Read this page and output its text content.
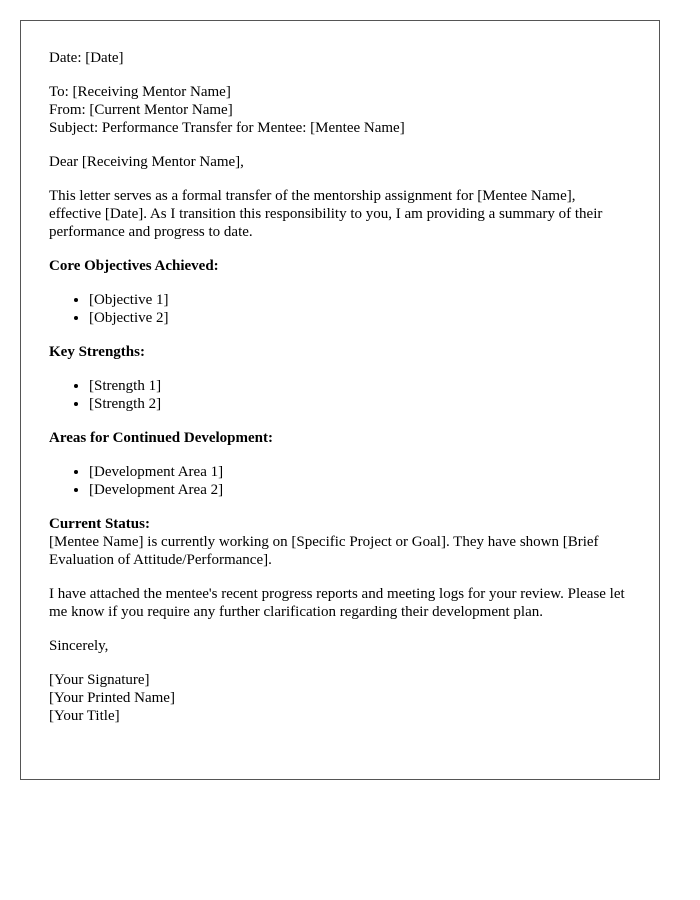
Date: [Date]

To: [Receiving Mentor Name]
From: [Current Mentor Name]
Subject: Performance Transfer for Mentee: [Mentee Name]

Dear [Receiving Mentor Name],

This letter serves as a formal transfer of the mentorship assignment for [Mentee Name], effective [Date]. As I transition this responsibility to you, I am providing a summary of their performance and progress to date.

Core Objectives Achieved:

• [Objective 1]
• [Objective 2]

Key Strengths:

• [Strength 1]
• [Strength 2]

Areas for Continued Development:

• [Development Area 1]
• [Development Area 2]

Current Status:
[Mentee Name] is currently working on [Specific Project or Goal]. They have shown [Brief Evaluation of Attitude/Performance].

I have attached the mentee's recent progress reports and meeting logs for your review. Please let me know if you require any further clarification regarding their development plan.

Sincerely,

[Your Signature]
[Your Printed Name]
[Your Title]
